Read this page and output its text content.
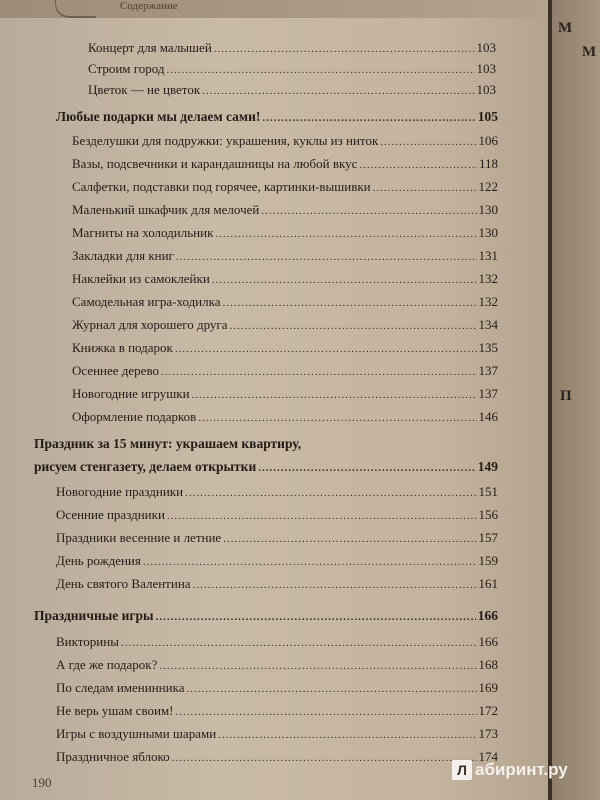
Содержание
Концерт для малышей .....	103
Строим город .....	103
Цветок — не цветок .....	103
Любые подарки мы делаем сами! .....	105
Безделушки для подружки: украшения, куклы из ниток .....	106
Вазы, подсвечники и карандашницы на любой вкус .....	118
Салфетки, подставки под горячее, картинки-вышивки .....	122
Маленький шкафчик для мелочей .....	130
Магниты на холодильник .....	130
Закладки для книг .....	131
Наклейки из самоклейки .....	132
Самодельная игра-ходилка .....	132
Журнал для хорошего друга .....	134
Книжка в подарок .....	135
Осеннее дерево .....	137
Новогодние игрушки .....	137
Оформление подарков .....	146
Праздник за 15 минут: украшаем квартиру,
рисуем стенгазету, делаем открытки .....	149
Новогодние праздники .....	151
Осенние праздники .....	156
Праздники весенние и летние .....	157
День рождения .....	159
День святого Валентина .....	161
Праздничные игры .....	166
Викторины .....	166
А где же подарок? .....	168
По следам именинника .....	169
Не верь ушам своим! .....	172
Игры с воздушными шарами .....	173
Праздничное яблоко .....	174
190
М
М
П
Л абиринт.ру
